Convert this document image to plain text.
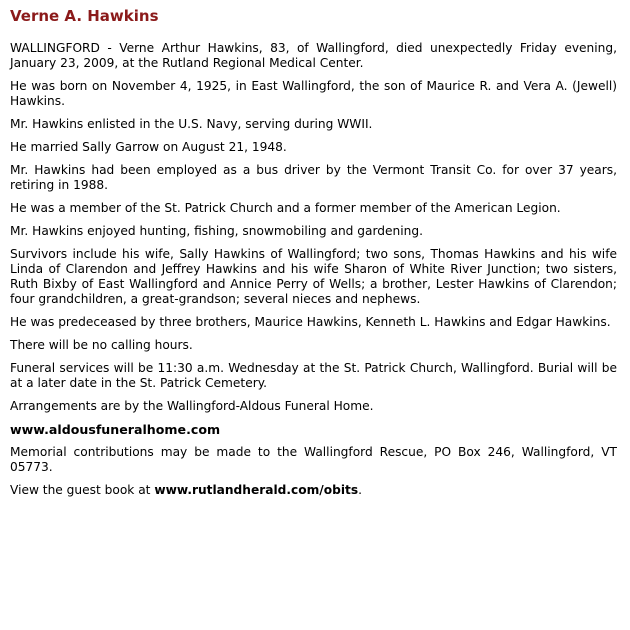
Verne A. Hawkins

WALLINGFORD - Verne Arthur Hawkins, 83, of Wallingford, died unexpectedly Friday evening, January 23, 2009, at the Rutland Regional Medical Center.

He was born on November 4, 1925, in East Wallingford, the son of Maurice R. and Vera A. (Jewell) Hawkins.

Mr. Hawkins enlisted in the U.S. Navy, serving during WWII.

He married Sally Garrow on August 21, 1948.

Mr. Hawkins had been employed as a bus driver by the Vermont Transit Co. for over 37 years, retiring in 1988.

He was a member of the St. Patrick Church and a former member of the American Legion.

Mr. Hawkins enjoyed hunting, fishing, snowmobiling and gardening.

Survivors include his wife, Sally Hawkins of Wallingford; two sons, Thomas Hawkins and his wife Linda of Clarendon and Jeffrey Hawkins and his wife Sharon of White River Junction; two sisters, Ruth Bixby of East Wallingford and Annice Perry of Wells; a brother, Lester Hawkins of Clarendon; four grandchildren, a great-grandson; several nieces and nephews.

He was predeceased by three brothers, Maurice Hawkins, Kenneth L. Hawkins and Edgar Hawkins.

There will be no calling hours.

Funeral services will be 11:30 a.m. Wednesday at the St. Patrick Church, Wallingford. Burial will be at a later date in the St. Patrick Cemetery.

Arrangements are by the Wallingford-Aldous Funeral Home.

www.aldousfuneralhome.com

Memorial contributions may be made to the Wallingford Rescue, PO Box 246, Wallingford, VT 05773.

View the guest book at www.rutlandherald.com/obits.
